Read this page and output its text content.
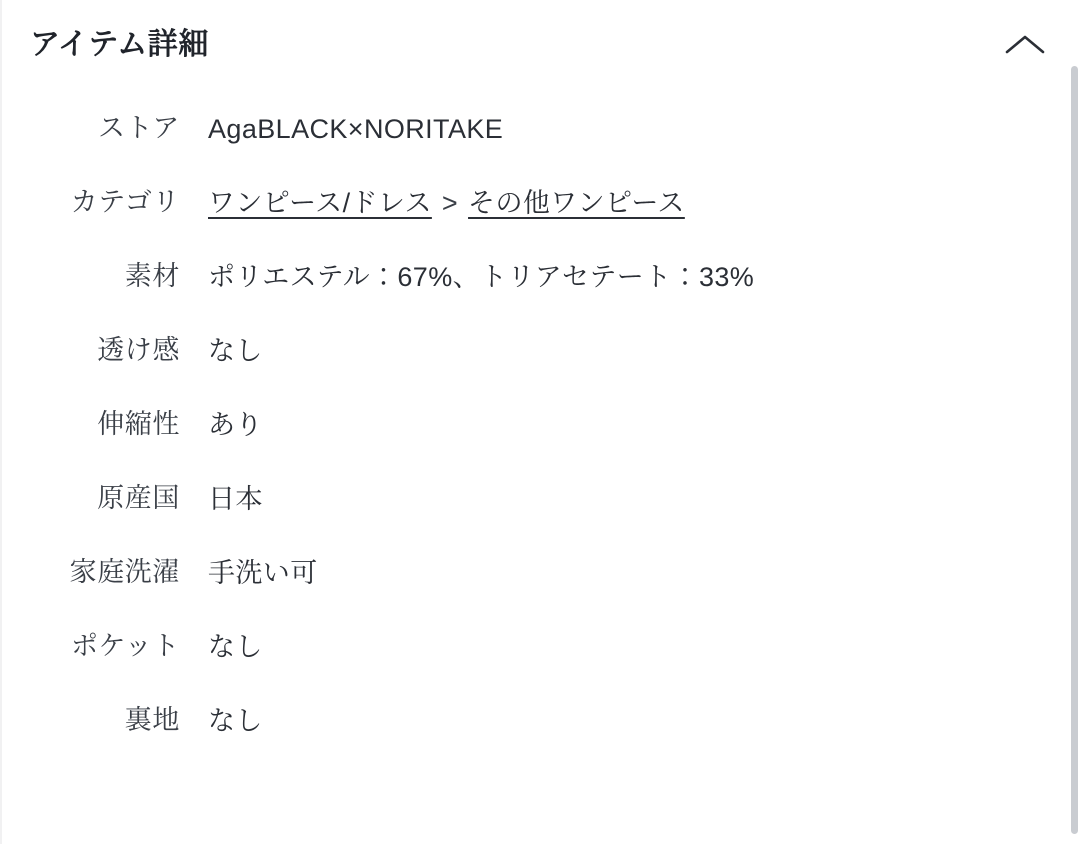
アイテム詳細
ストア	AgaBLACK×NORITAKE
カテゴリ	ワンピース/ドレス > その他ワンピース
素材	ポリエステル：67%、トリアセテート：33%
透け感	なし
伸縮性	あり
原産国	日本
家庭洗濯	手洗い可
ポケット	なし
裏地	なし
